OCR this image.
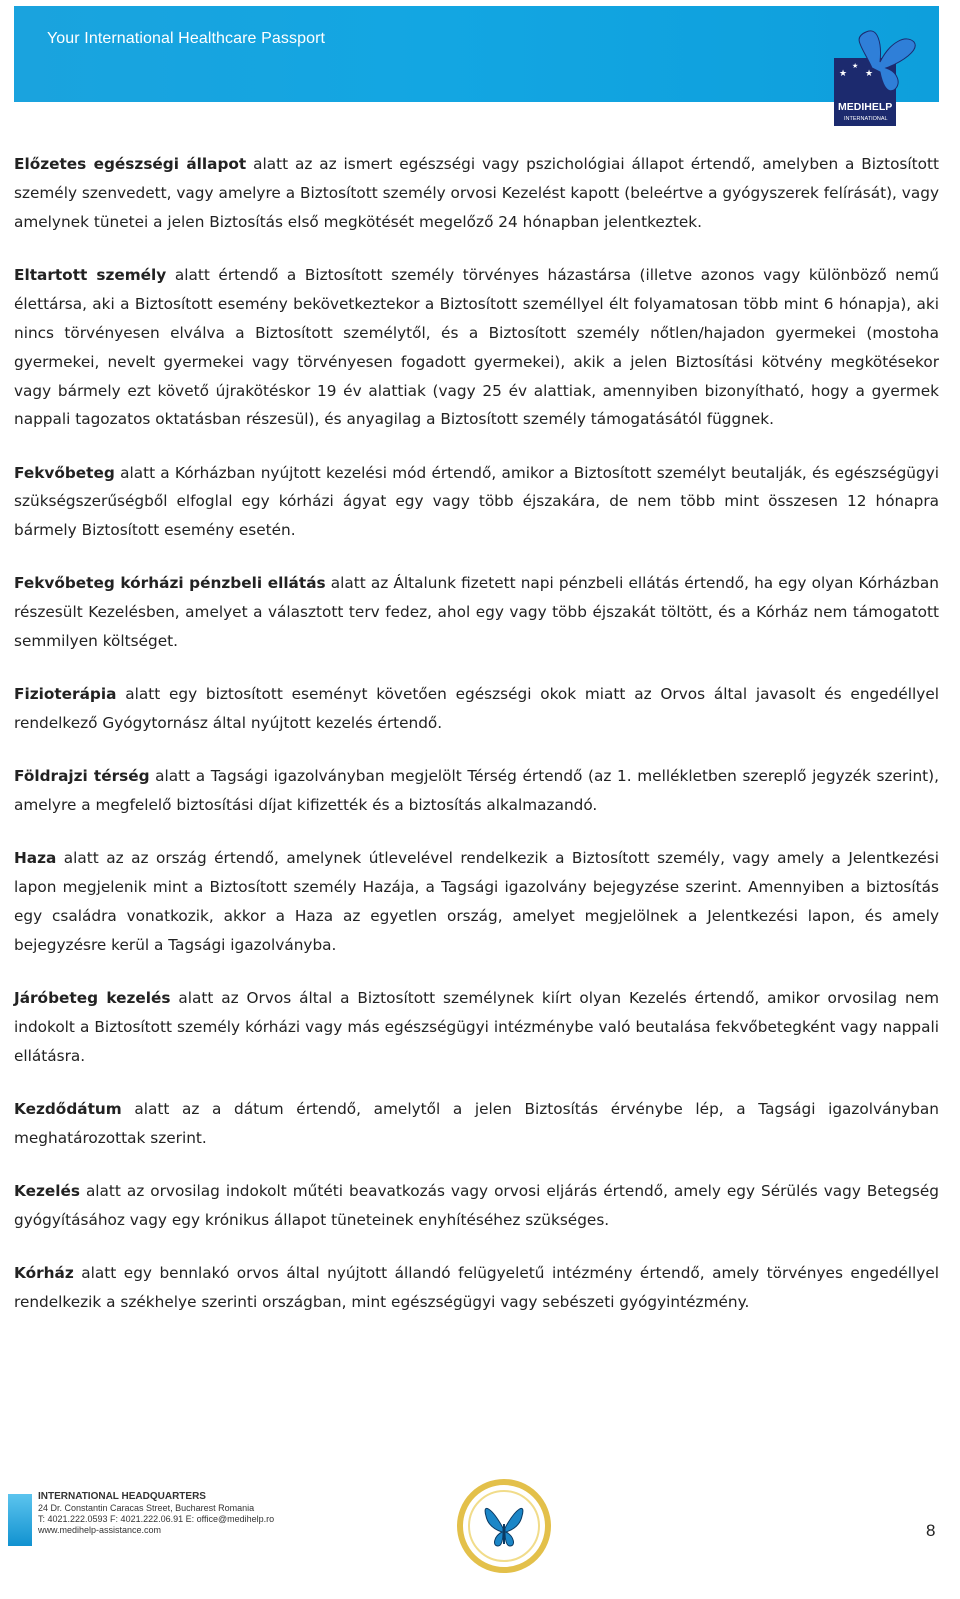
Your International Healthcare Passport
★
★
★
MEDIHELP
INTERNATIONAL

Előzetes egészségi állapot alatt az az ismert egészségi vagy pszichológiai állapot értendő, amelyben a Biztosított személy szenvedett, vagy amelyre a Biztosított személy orvosi Kezelést kapott (beleértve a gyógyszerek felírását), vagy amelynek tünetei a jelen Biztosítás első megkötését megelőző 24 hónapban jelentkeztek.

Eltartott személy alatt értendő a Biztosított személy törvényes házastársa (illetve azonos vagy különböző nemű élettársa, aki a Biztosított esemény bekövetkeztekor a Biztosított személlyel élt folyamatosan több mint 6 hónapja), aki nincs törvényesen elválva a Biztosított személytől, és a Biztosított személy nőtlen/hajadon gyermekei (mostoha gyermekei, nevelt gyermekei vagy törvényesen fogadott gyermekei), akik a jelen Biztosítási kötvény megkötésekor vagy bármely ezt követő újrakötéskor 19 év alattiak (vagy 25 év alattiak, amennyiben bizonyítható, hogy a gyermek nappali tagozatos oktatásban részesül), és anyagilag a Biztosított személy támogatásától függnek.

Fekvőbeteg alatt a Kórházban nyújtott kezelési mód értendő, amikor a Biztosított személyt beutalják, és egészségügyi szükségszerűségből elfoglal egy kórházi ágyat egy vagy több éjszakára, de nem több mint összesen 12 hónapra bármely Biztosított esemény esetén.

Fekvőbeteg kórházi pénzbeli ellátás alatt az Általunk fizetett napi pénzbeli ellátás értendő, ha egy olyan Kórházban részesült Kezelésben, amelyet a választott terv fedez, ahol egy vagy több éjszakát töltött, és a Kórház nem támogatott semmilyen költséget.

Fizioterápia alatt egy biztosított eseményt követően egészségi okok miatt az Orvos által javasolt és engedéllyel rendelkező Gyógytornász által nyújtott kezelés értendő.

Földrajzi térség alatt a Tagsági igazolványban megjelölt Térség értendő (az 1. mellékletben szereplő jegyzék szerint), amelyre a megfelelő biztosítási díjat kifizették és a biztosítás alkalmazandó.

Haza alatt az az ország értendő, amelynek útlevelével rendelkezik a Biztosított személy, vagy amely a Jelentkezési lapon megjelenik mint a Biztosított személy Hazája, a Tagsági igazolvány bejegyzése szerint. Amennyiben a biztosítás egy családra vonatkozik, akkor a Haza az egyetlen ország, amelyet megjelölnek a Jelentkezési lapon, és amely bejegyzésre kerül a Tagsági igazolványba.

Járóbeteg kezelés alatt az Orvos által a Biztosított személynek kiírt olyan Kezelés értendő, amikor orvosilag nem indokolt a Biztosított személy kórházi vagy más egészségügyi intézménybe való beutalása fekvőbetegként vagy nappali ellátásra.

Kezdődátum alatt az a dátum értendő, amelytől a jelen Biztosítás érvénybe lép, a Tagsági igazolványban meghatározottak szerint.

Kezelés alatt az orvosilag indokolt műtéti beavatkozás vagy orvosi eljárás értendő, amely egy Sérülés vagy Betegség gyógyításához vagy egy krónikus állapot tüneteinek enyhítéséhez szükséges.

Kórház alatt egy bennlakó orvos által nyújtott állandó felügyeletű intézmény értendő, amely törvényes engedéllyel rendelkezik a székhelye szerinti országban, mint egészségügyi vagy sebészeti gyógyintézmény.

INTERNATIONAL HEADQUARTERS
24 Dr. Constantin Caracas Street, Bucharest Romania
T: 4021.222.0593 F: 4021.222.06.91 E: office@medihelp.ro
www.medihelp-assistance.com	8
